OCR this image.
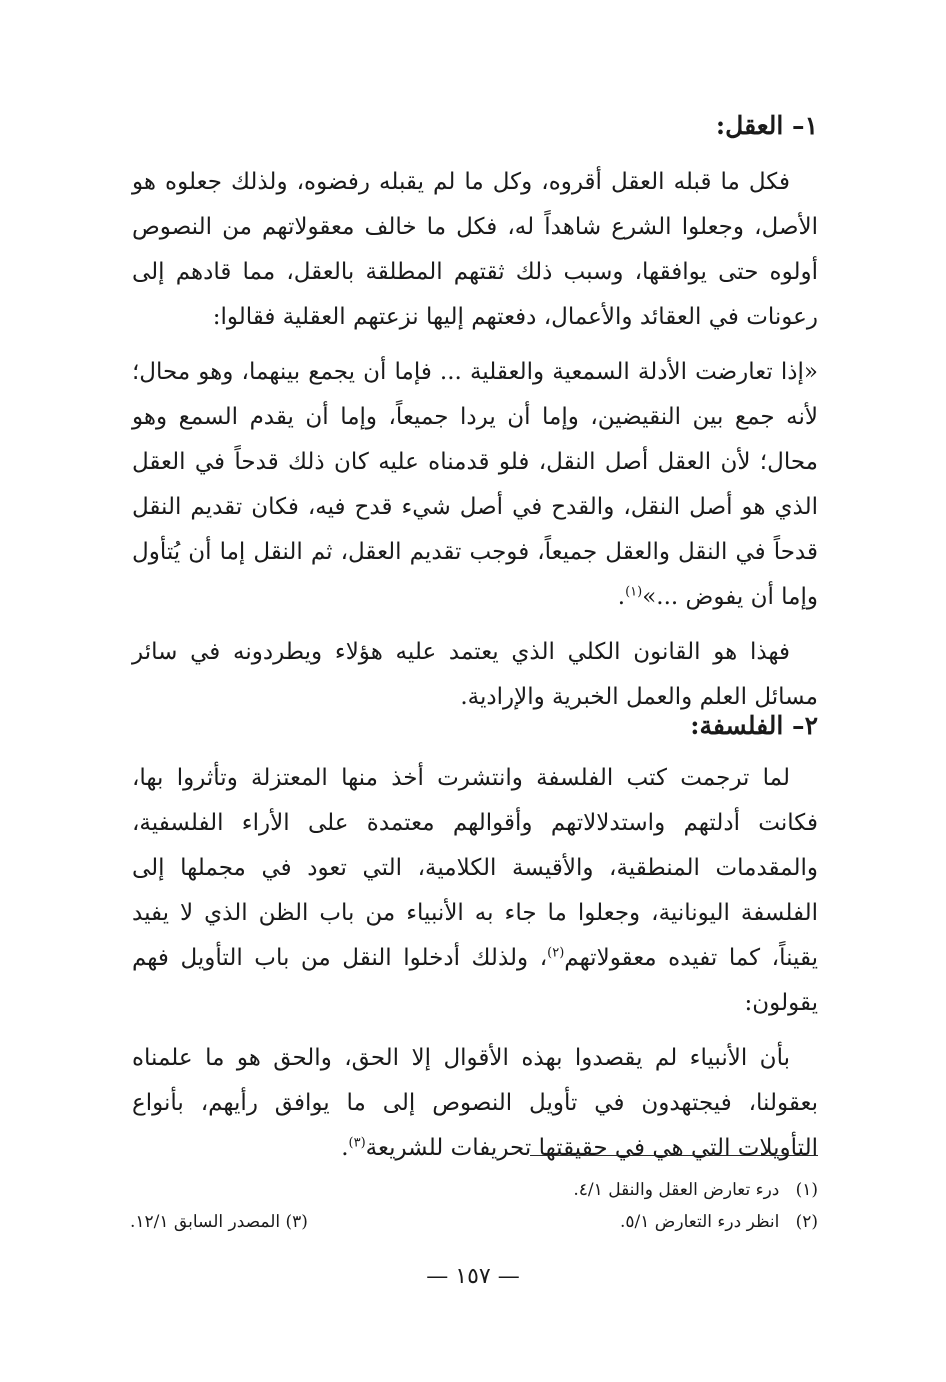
١– العقل:

فكل ما قبله العقل أقروه، وكل ما لم يقبله رفضوه، ولذلك جعلوه هو الأصل، وجعلوا الشرع شاهداً له، فكل ما خالف معقولاتهم من النصوص أولوه حتى يوافقها، وسبب ذلك ثقتهم المطلقة بالعقل، مما قادهم إلى رعونات في العقائد والأعمال، دفعتهم إليها نزعتهم العقلية فقالوا:

«إذا تعارضت الأدلة السمعية والعقلية ... فإما أن يجمع بينهما، وهو محال؛ لأنه جمع بين النقيضين، وإما أن يردا جميعاً، وإما أن يقدم السمع وهو محال؛ لأن العقل أصل النقل، فلو قدمناه عليه كان ذلك قدحاً في العقل الذي هو أصل النقل، والقدح في أصل شيء قدح فيه، فكان تقديم النقل قدحاً في النقل والعقل جميعاً، فوجب تقديم العقل، ثم النقل إما أن يُتأول وإما أن يفوض ...»$^{(١)}$.

فهذا هو القانون الكلي الذي يعتمد عليه هؤلاء ويطردونه في سائر مسائل العلم والعمل الخبرية والإرادية.

٢– الفلسفة:

لما ترجمت كتب الفلسفة وانتشرت أخذ منها المعتزلة وتأثروا بها، فكانت أدلتهم واستدلالاتهم وأقوالهم معتمدة على الأراء الفلسفية، والمقدمات المنطقية، والأقيسة الكلامية، التي تعود في مجملها إلى الفلسفة اليونانية، وجعلوا ما جاء به الأنبياء من باب الظن الذي لا يفيد يقيناً، كما تفيده معقولاتهم$^{(٢)}$، ولذلك أدخلوا النقل من باب التأويل فهم يقولون:

بأن الأنبياء لم يقصدوا بهذه الأقوال إلا الحق، والحق هو ما علمناه بعقولنا، فيجتهدون في تأويل النصوص إلى ما يوافق رأيهم، بأنواع التأويلات التي هي في حقيقتها تحريفات للشريعة$^{(٣)}$.

(١)   درء تعارض العقل والنقل ٤/١.
(٢)   انظر درء التعارض ٥/١.
(٣) المصدر السابق ١٢/١.
— ١٥٧ —
